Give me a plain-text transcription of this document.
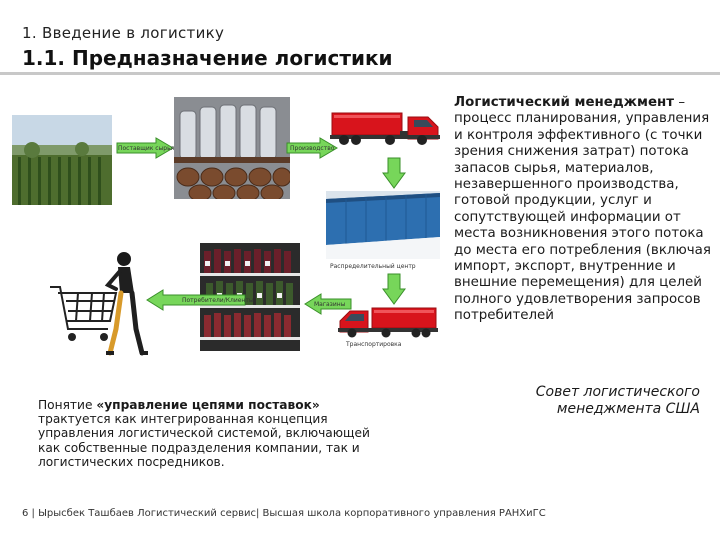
1. Введение в логистику
1.1. Предназначение логистики
Поставщик сырья	Производство
Распределительный центр
Транспортировка
Магазины
Потребители/Клиенты
Логистический менеджмент – процесс планирования, управления и контроля эффективного (с точки зрения снижения затрат) потока запасов сырья, материалов, незавершенного производства, готовой продукции, услуг и сопутствующей информации от места возникновения этого потока до места его потребления (включая импорт, экспорт, внутренние и внешние перемещения) для целей полного удовлетворения запросов потребителей
Совет логистического менеджмента США
Понятие «управление цепями поставок» трактуется как интегрированная концепция управления логистической системой, включающей как собственные подразделения компании, так и логистических посредников.
6 | Ырысбек Ташбаев Логистический сервис| Высшая школа корпоративного управления РАНХиГС
